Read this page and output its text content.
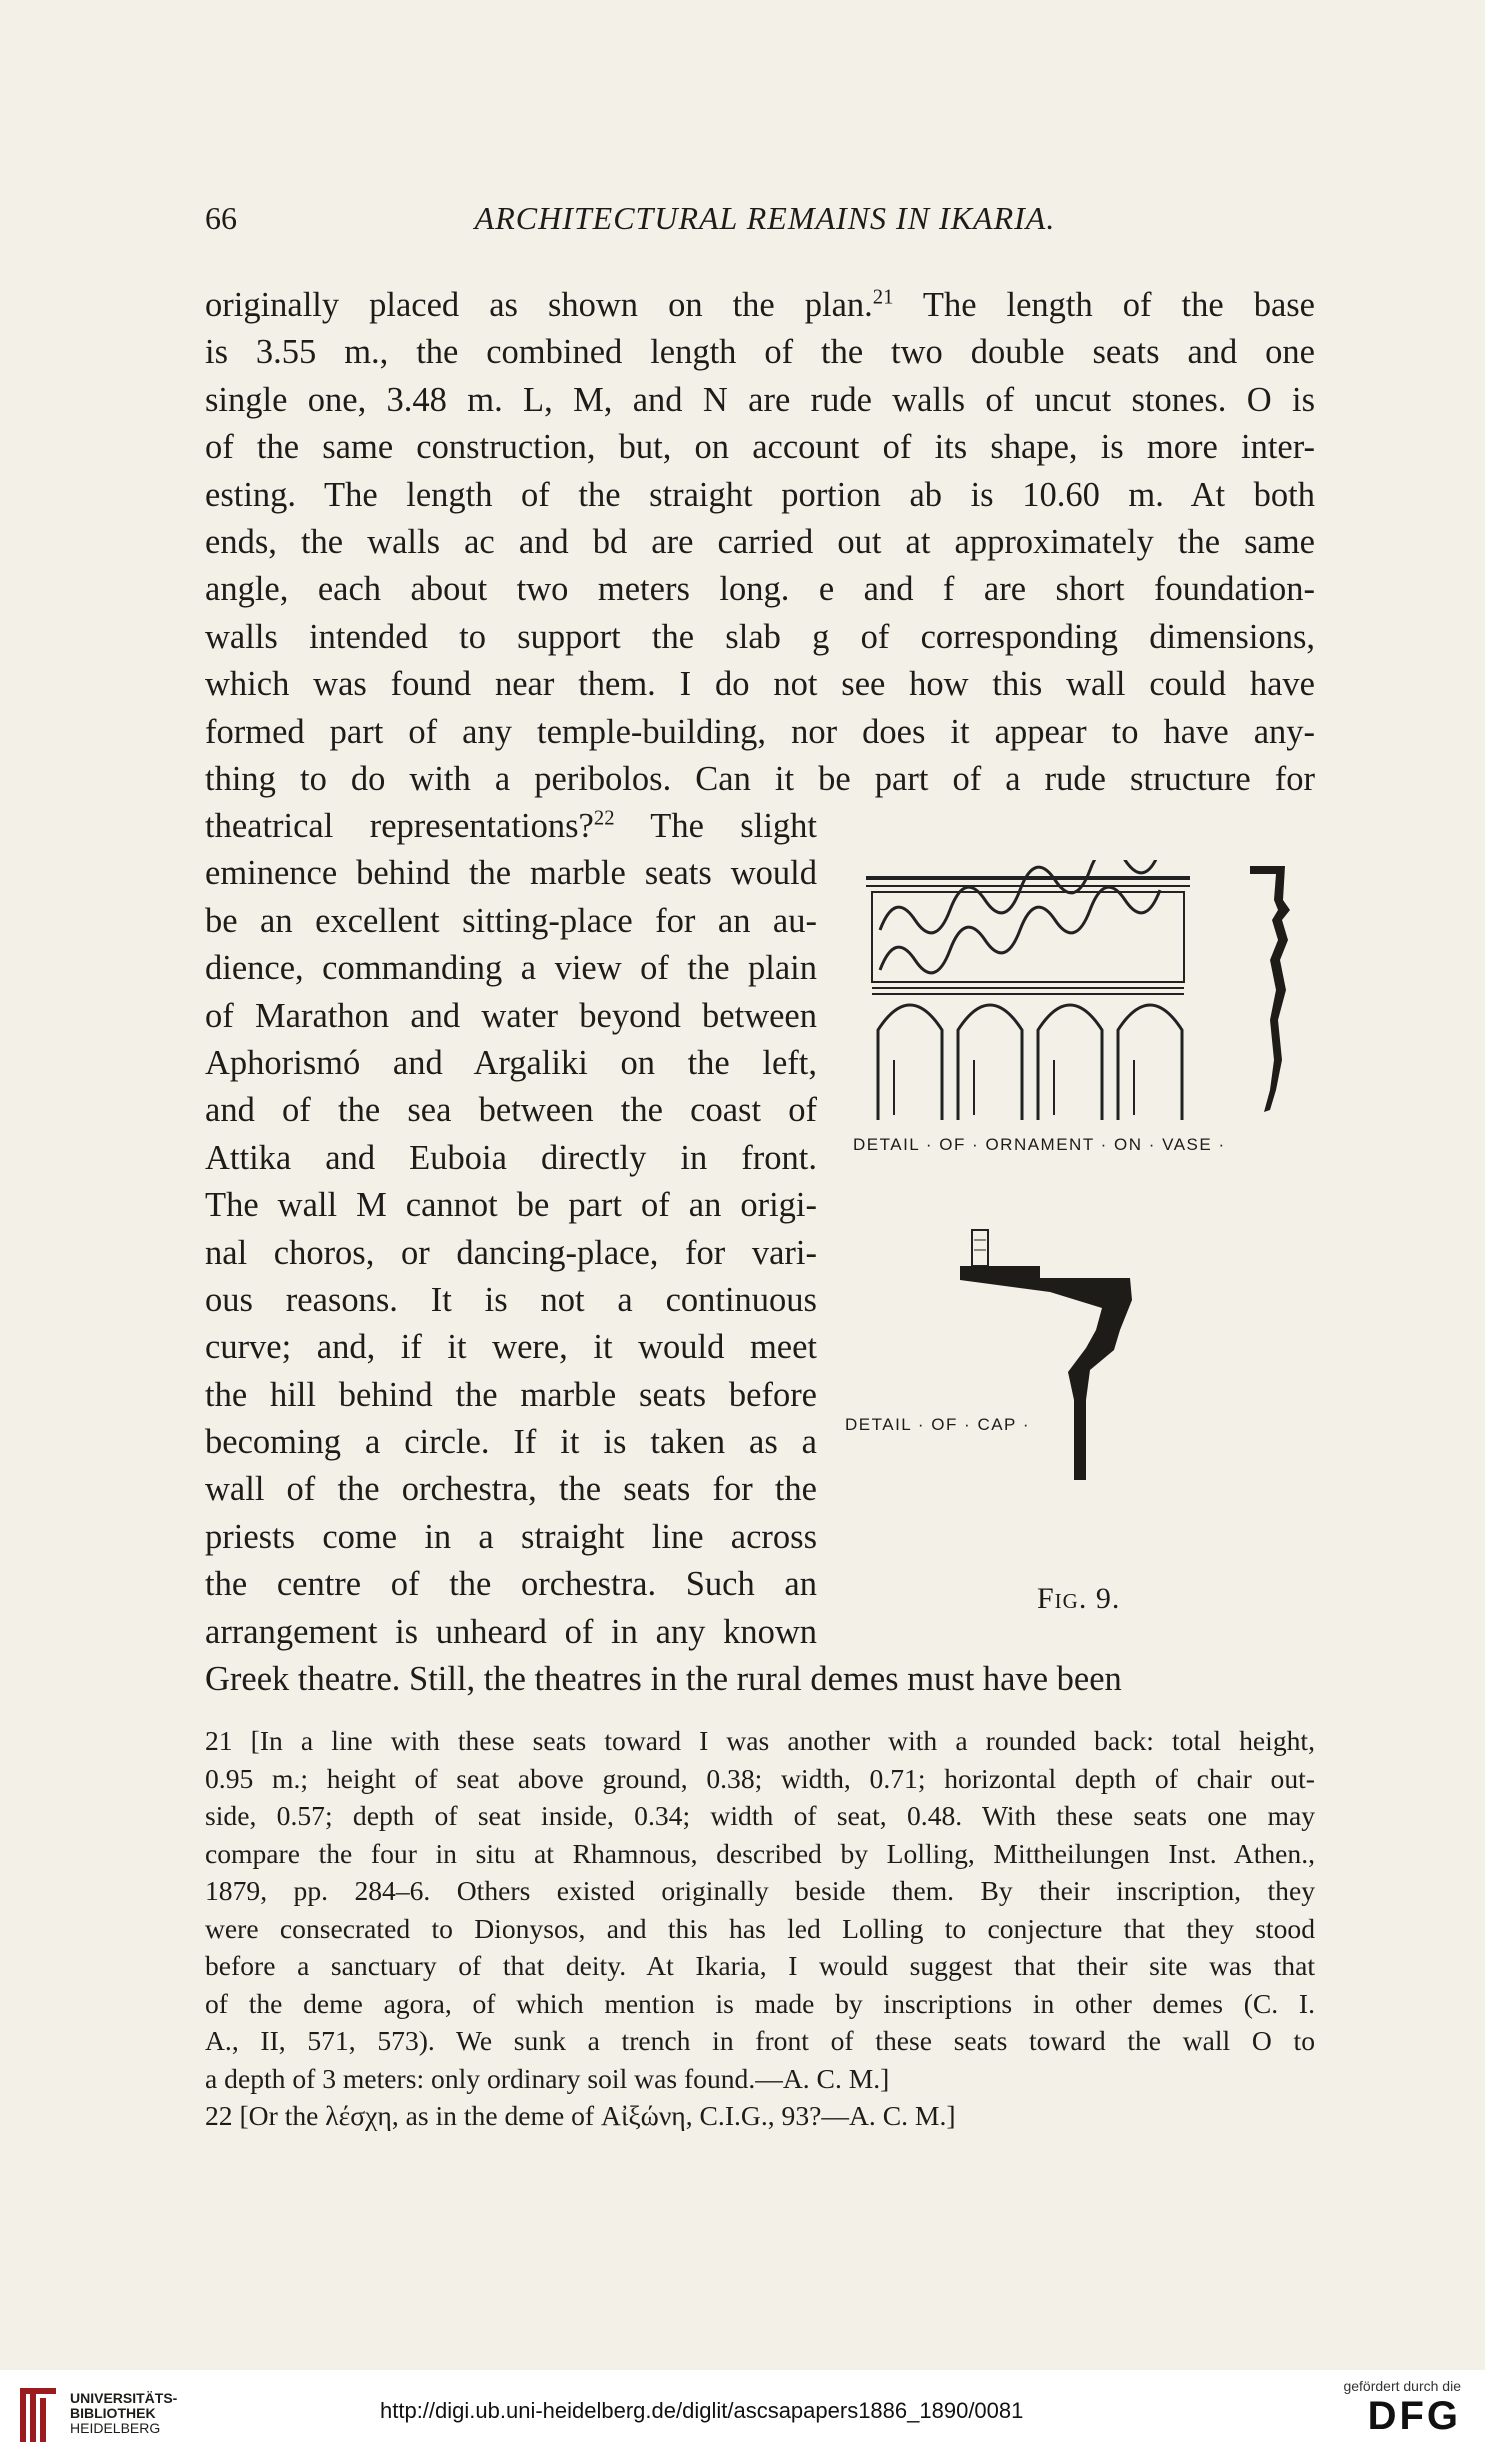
66	ARCHITECTURAL REMAINS IN IKARIA.
originally placed as shown on the plan.$^{21}$ The length of the base
is 3.55 m., the combined length of the two double seats and one
single one, 3.48 m. L, M, and N are rude walls of uncut stones. O is
of the same construction, but, on account of its shape, is more inter-
esting. The length of the straight portion ab is 10.60 m. At both
ends, the walls ac and bd are carried out at approximately the same
angle, each about two meters long. e and f are short foundation-
walls intended to support the slab g of corresponding dimensions,
which was found near them. I do not see how this wall could have
formed part of any temple-building, nor does it appear to have any-
thing to do with a peribolos. Can it be part of a rude structure for
theatrical representations?$^{22}$ The slight
eminence behind the marble seats would
be an excellent sitting-place for an au-
dience, commanding a view of the plain
of Marathon and water beyond between
Aphorismó and Argaliki on the left,
and of the sea between the coast of
Attika and Euboia directly in front.
The wall M cannot be part of an origi-
nal choros, or dancing-place, for vari-
ous reasons. It is not a continuous
curve; and, if it were, it would meet
the hill behind the marble seats before
becoming a circle. If it is taken as a
wall of the orchestra, the seats for the
priests come in a straight line across
the centre of the orchestra. Such an
arrangement is unheard of in any known
Greek theatre. Still, the theatres in the rural demes must have been
DETAIL · OF · ORNAMENT · ON · VASE ·
DETAIL · OF · CAP ·
Fig. 9.
21 [In a line with these seats toward I was another with a rounded back: total height,
0.95 m.; height of seat above ground, 0.38; width, 0.71; horizontal depth of chair out-
side, 0.57; depth of seat inside, 0.34; width of seat, 0.48. With these seats one may
compare the four in situ at Rhamnous, described by Lolling, Mittheilungen Inst. Athen.,
1879, pp. 284–6. Others existed originally beside them. By their inscription, they
were consecrated to Dionysos, and this has led Lolling to conjecture that they stood
before a sanctuary of that deity. At Ikaria, I would suggest that their site was that
of the deme agora, of which mention is made by inscriptions in other demes (C. I.
A., II, 571, 573). We sunk a trench in front of these seats toward the wall O to
a depth of 3 meters: only ordinary soil was found.—A. C. M.]
22 [Or the λέσχη, as in the deme of Αἰξώνη, C.I.G., 93?—A. C. M.]
UNIVERSITÄTS-
BIBLIOTHEK
HEIDELBERG
http://digi.ub.uni-heidelberg.de/diglit/ascsapapers1886_1890/0081
gefördert durch die
DFG
